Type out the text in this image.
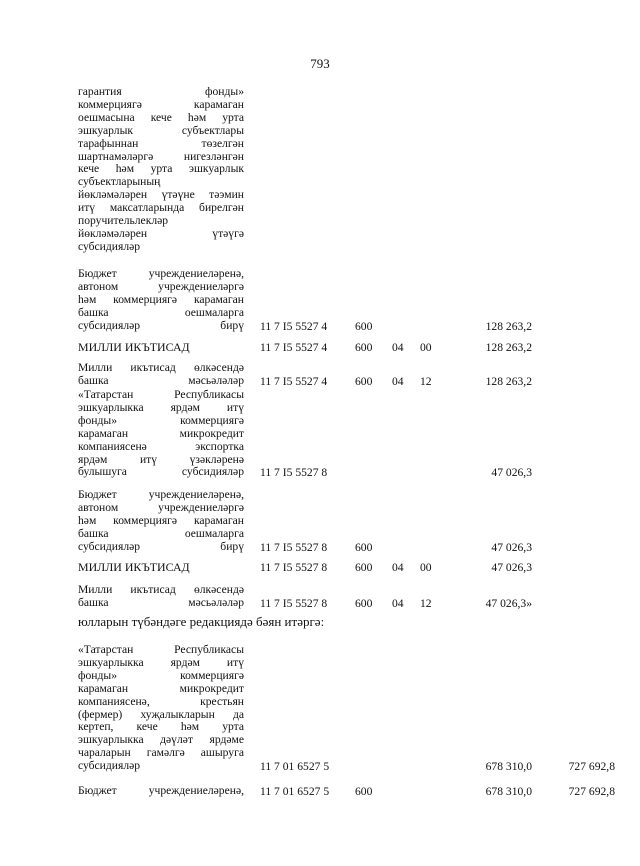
793
гарантия фонды»
коммерциягә карамаган
оешмасына кече һәм урта
эшкуарлык субъектлары
тарафыннан төзелгән
шартнамәләргә нигезләнгән
кече һәм урта эшкуарлык
субъектларының
йөкләмәләрен үтәүне тәэмин
итү максатларында бирелгән
поручительлекләр
йөкләмәләрен үтәүгә
субсидияләр
Бюджет учреждениеләренә,
автоном учреждениеләргә
һәм коммерциягә карамаган
башка оешмаларга
субсидияләр бирү 11 7 I5 5527 4 600	128 263,2
МИЛЛИ ИКЪТИСАД	11 7 I5 5527 4 600 04 00	128 263,2
Милли икътисад өлкәсендә
башка мәсьәләләр 11 7 I5 5527 4 600 04 12	128 263,2
«Татарстан Республикасы
эшкуарлыкка ярдәм итү
фонды» коммерциягә
карамаган микрокредит
компаниясенә экспортка
ярдәм итү үзәкләренә
булышуга субсидияләр 11 7 I5 5527 8	47 026,3
Бюджет учреждениеләренә,
автоном учреждениеләргә
һәм коммерциягә карамаган
башка оешмаларга
субсидияләр бирү 11 7 I5 5527 8 600	47 026,3
МИЛЛИ ИКЪТИСАД	11 7 I5 5527 8 600 04 00	47 026,3
Милли икътисад өлкәсендә
башка мәсьәләләр 11 7 I5 5527 8 600 04 12	47 026,3»
«Татарстан Республикасы
эшкуарлыкка ярдәм итү
фонды» коммерциягә
карамаган микрокредит
компаниясенә, крестьян
(фермер) хуҗалыкларын да
кертеп, кече һәм урта
эшкуарлыкка дәүләт ярдәме
чараларын гамәлгә ашыруга
субсидияләр	11 7 01 6527 5	678 310,0	727 692,8
Бюджет учреждениеләренә, 11 7 01 6527 5 600	678 310,0	727 692,8
юлларын түбәндәге редакциядә бәян итәргә:
